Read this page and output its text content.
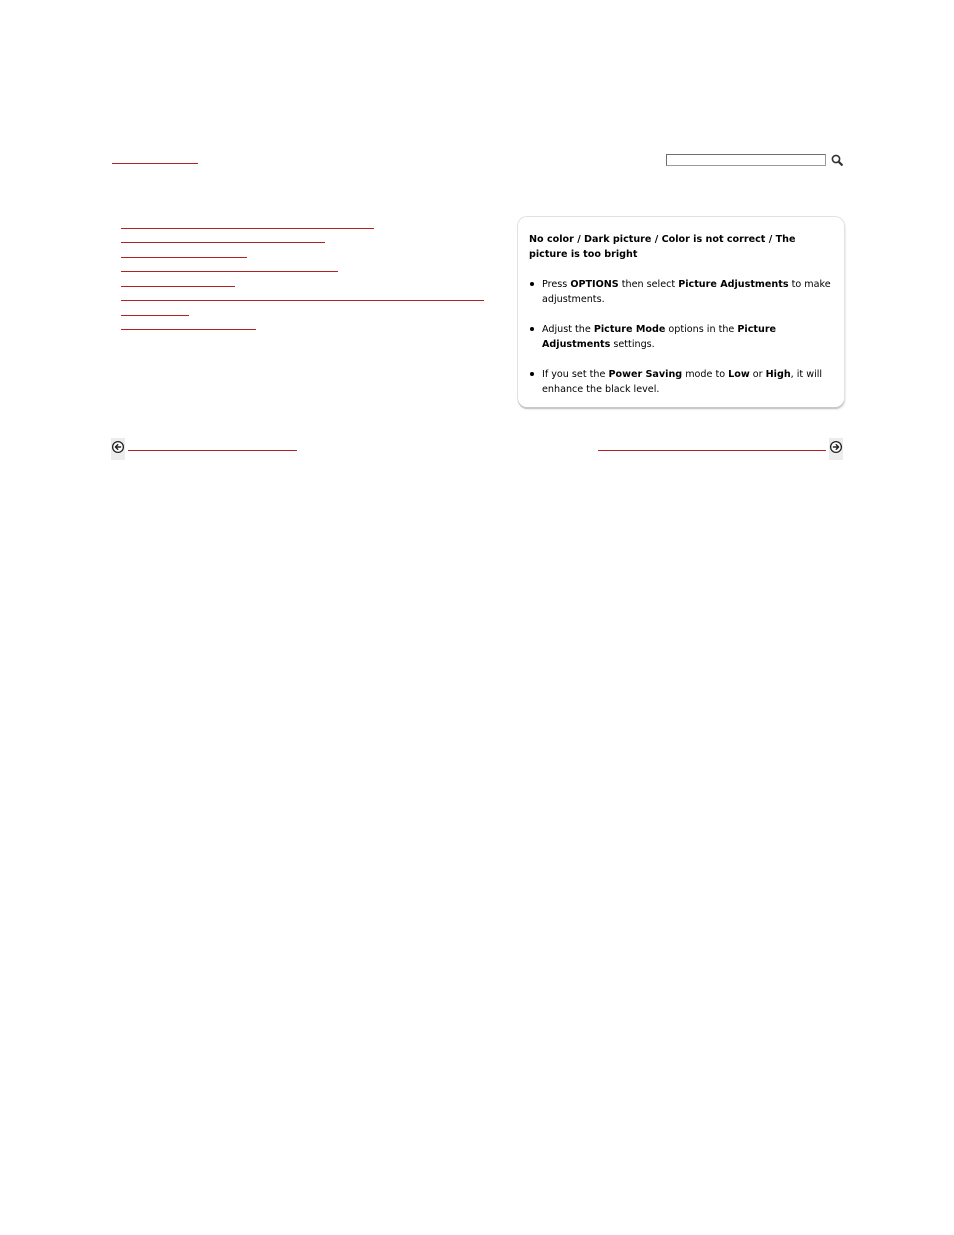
No color / Dark picture / Color is not correct / The picture is too bright

Press OPTIONS then select Picture Adjustments to make adjustments.
Adjust the Picture Mode options in the Picture Adjustments settings.
If you set the Power Saving mode to Low or High, it will enhance the black level.
